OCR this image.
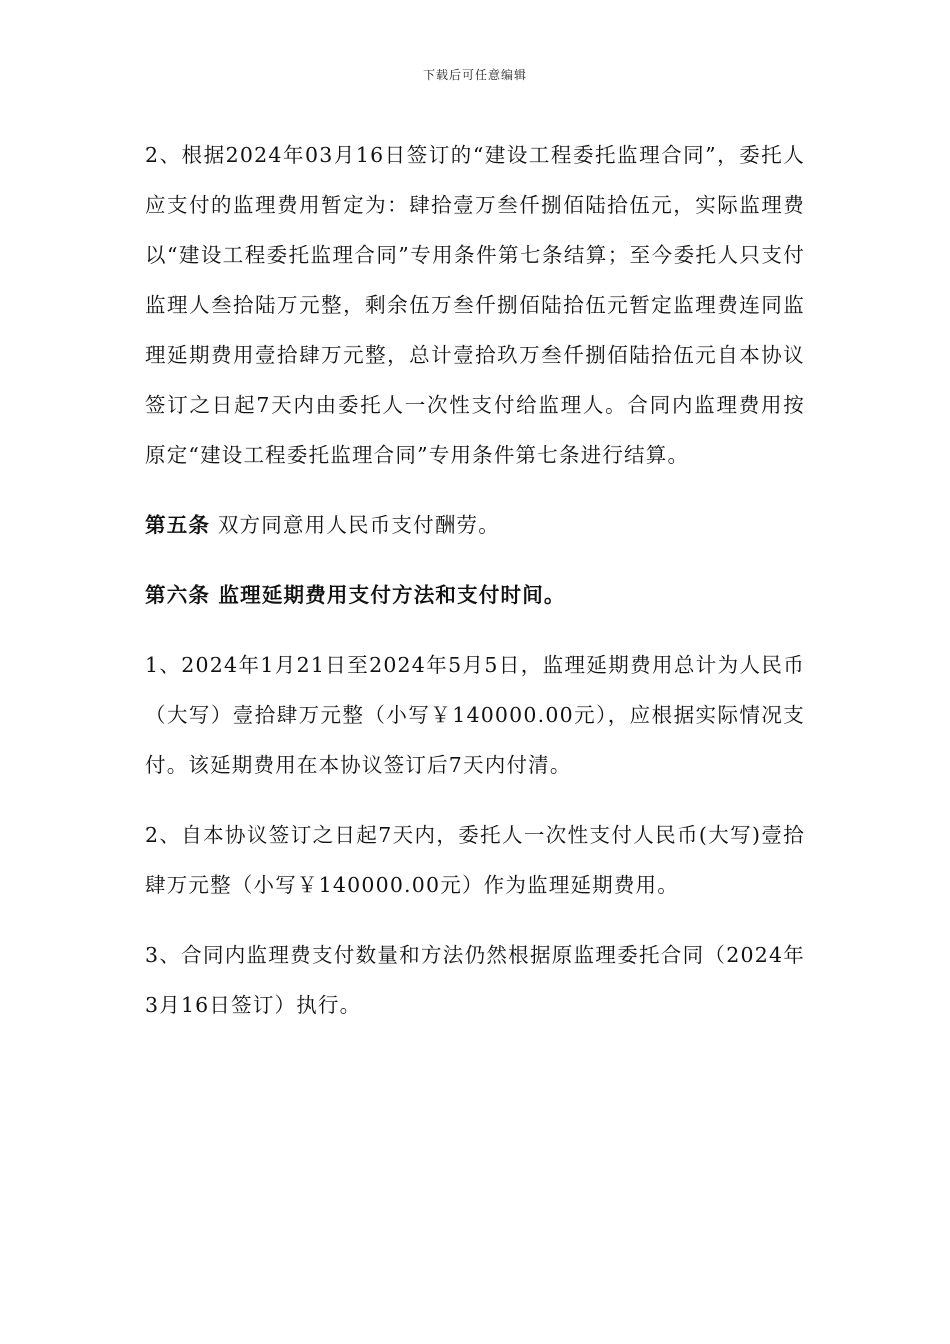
下载后可任意编辑

2、根据2024年03月16日签订的“建设工程委托监理合同”，委托人应支付的监理费用暂定为：肆拾壹万叁仟捌佰陆拾伍元，实际监理费以“建设工程委托监理合同”专用条件第七条结算；至今委托人只支付监理人叁拾陆万元整，剩余伍万叁仟捌佰陆拾伍元暂定监理费连同监理延期费用壹拾肆万元整，总计壹拾玖万叁仟捌佰陆拾伍元自本协议签订之日起7天内由委托人一次性支付给监理人。合同内监理费用按原定“建设工程委托监理合同”专用条件第七条进行结算。

第五条 双方同意用人民币支付酬劳。

第六条 监理延期费用支付方法和支付时间。

1、2024年1月21日至2024年5月5日，监理延期费用总计为人民币（大写）壹拾肆万元整（小写￥140000.00元），应根据实际情况支付。该延期费用在本协议签订后7天内付清。

2、自本协议签订之日起7天内，委托人一次性支付人民币(大写)壹拾肆万元整（小写￥140000.00元）作为监理延期费用。

3、合同内监理费支付数量和方法仍然根据原监理委托合同（2024年3月16日签订）执行。
